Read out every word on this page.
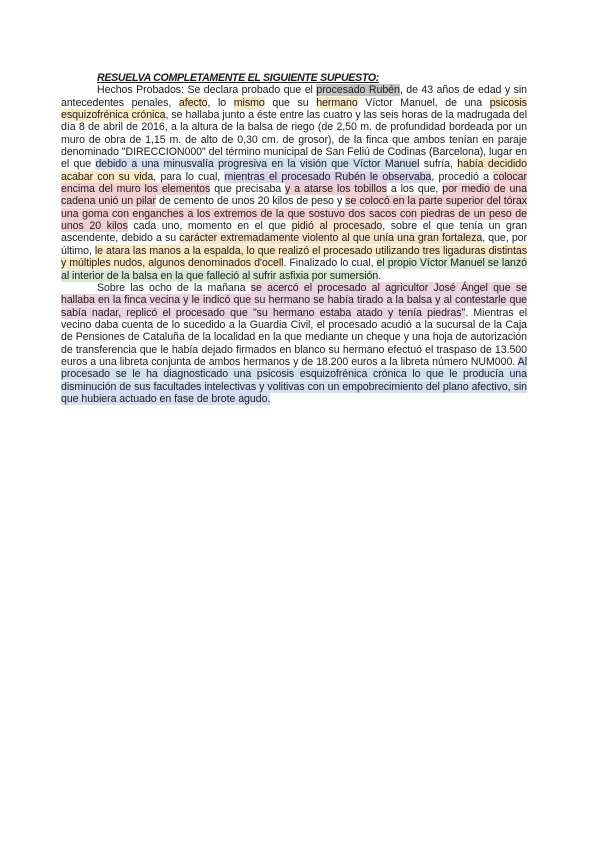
RESUELVA COMPLETAMENTE EL SIGUIENTE SUPUESTO:

Hechos Probados: Se declara probado que el procesado Rubén, de 43 años de edad y sin antecedentes penales, afecto, lo mismo que su hermano Víctor Manuel, de una psicosis esquizofrénica crónica, se hallaba junto a éste entre las cuatro y las seis horas de la madrugada del día 8 de abril de 2016, a la altura de la balsa de riego (de 2,50 m. de profundidad bordeada por un muro de obra de 1,15 m. de alto de 0,30 cm. de grosor), de la finca que ambos tenían en paraje denominado "DIRECCION000" del término municipal de San Feliú de Codinas (Barcelona), lugar en el que debido a una minusvalía progresiva en la visión que Víctor Manuel sufría, había decidido acabar con su vida, para lo cual, mientras el procesado Rubén le observaba, procedió a colocar encima del muro los elementos que precisaba y a atarse los tobillos a los que, por medio de una cadena unió un pilar de cemento de unos 20 kilos de peso y se colocó en la parte superior del tórax una goma con enganches a los extremos de la que sostuvo dos sacos con piedras de un peso de unos 20 kilos cada uno, momento en el que pidió al procesado, sobre el que tenía un gran ascendente, debido a su carácter extremadamente violento al que unía una gran fortaleza, que, por último, le atara las manos a la espalda, lo que realizó el procesado utilizando tres ligaduras distintas y múltiples nudos, algunos denominados d'ocell. Finalizado lo cual, el propio Víctor Manuel se lanzó al interior de la balsa en la que falleció al sufrir asfixia por sumersión.

Sobre las ocho de la mañana se acercó el procesado al agricultor José Ángel que se hallaba en la finca vecina y le indicó que su hermano se había tirado a la balsa y al contestarle que sabía nadar, replicó el procesado que "su hermano estaba atado y tenía piedras". Mientras el vecino daba cuenta de lo sucedido a la Guardia Civil, el procesado acudió a la sucursal de la Caja de Pensiones de Cataluña de la localidad en la que mediante un cheque y una hoja de autorización de transferencia que le había dejado firmados en blanco su hermano efectuó el traspaso de 13.500 euros a una libreta conjunta de ambos hermanos y de 18.200 euros a la libreta número NUM000. Al procesado se le ha diagnosticado una psicosis esquizofrénica crónica lo que le producía una disminución de sus facultades intelectivas y volitivas con un empobrecimiento del plano afectivo, sin que hubiera actuado en fase de brote agudo.
